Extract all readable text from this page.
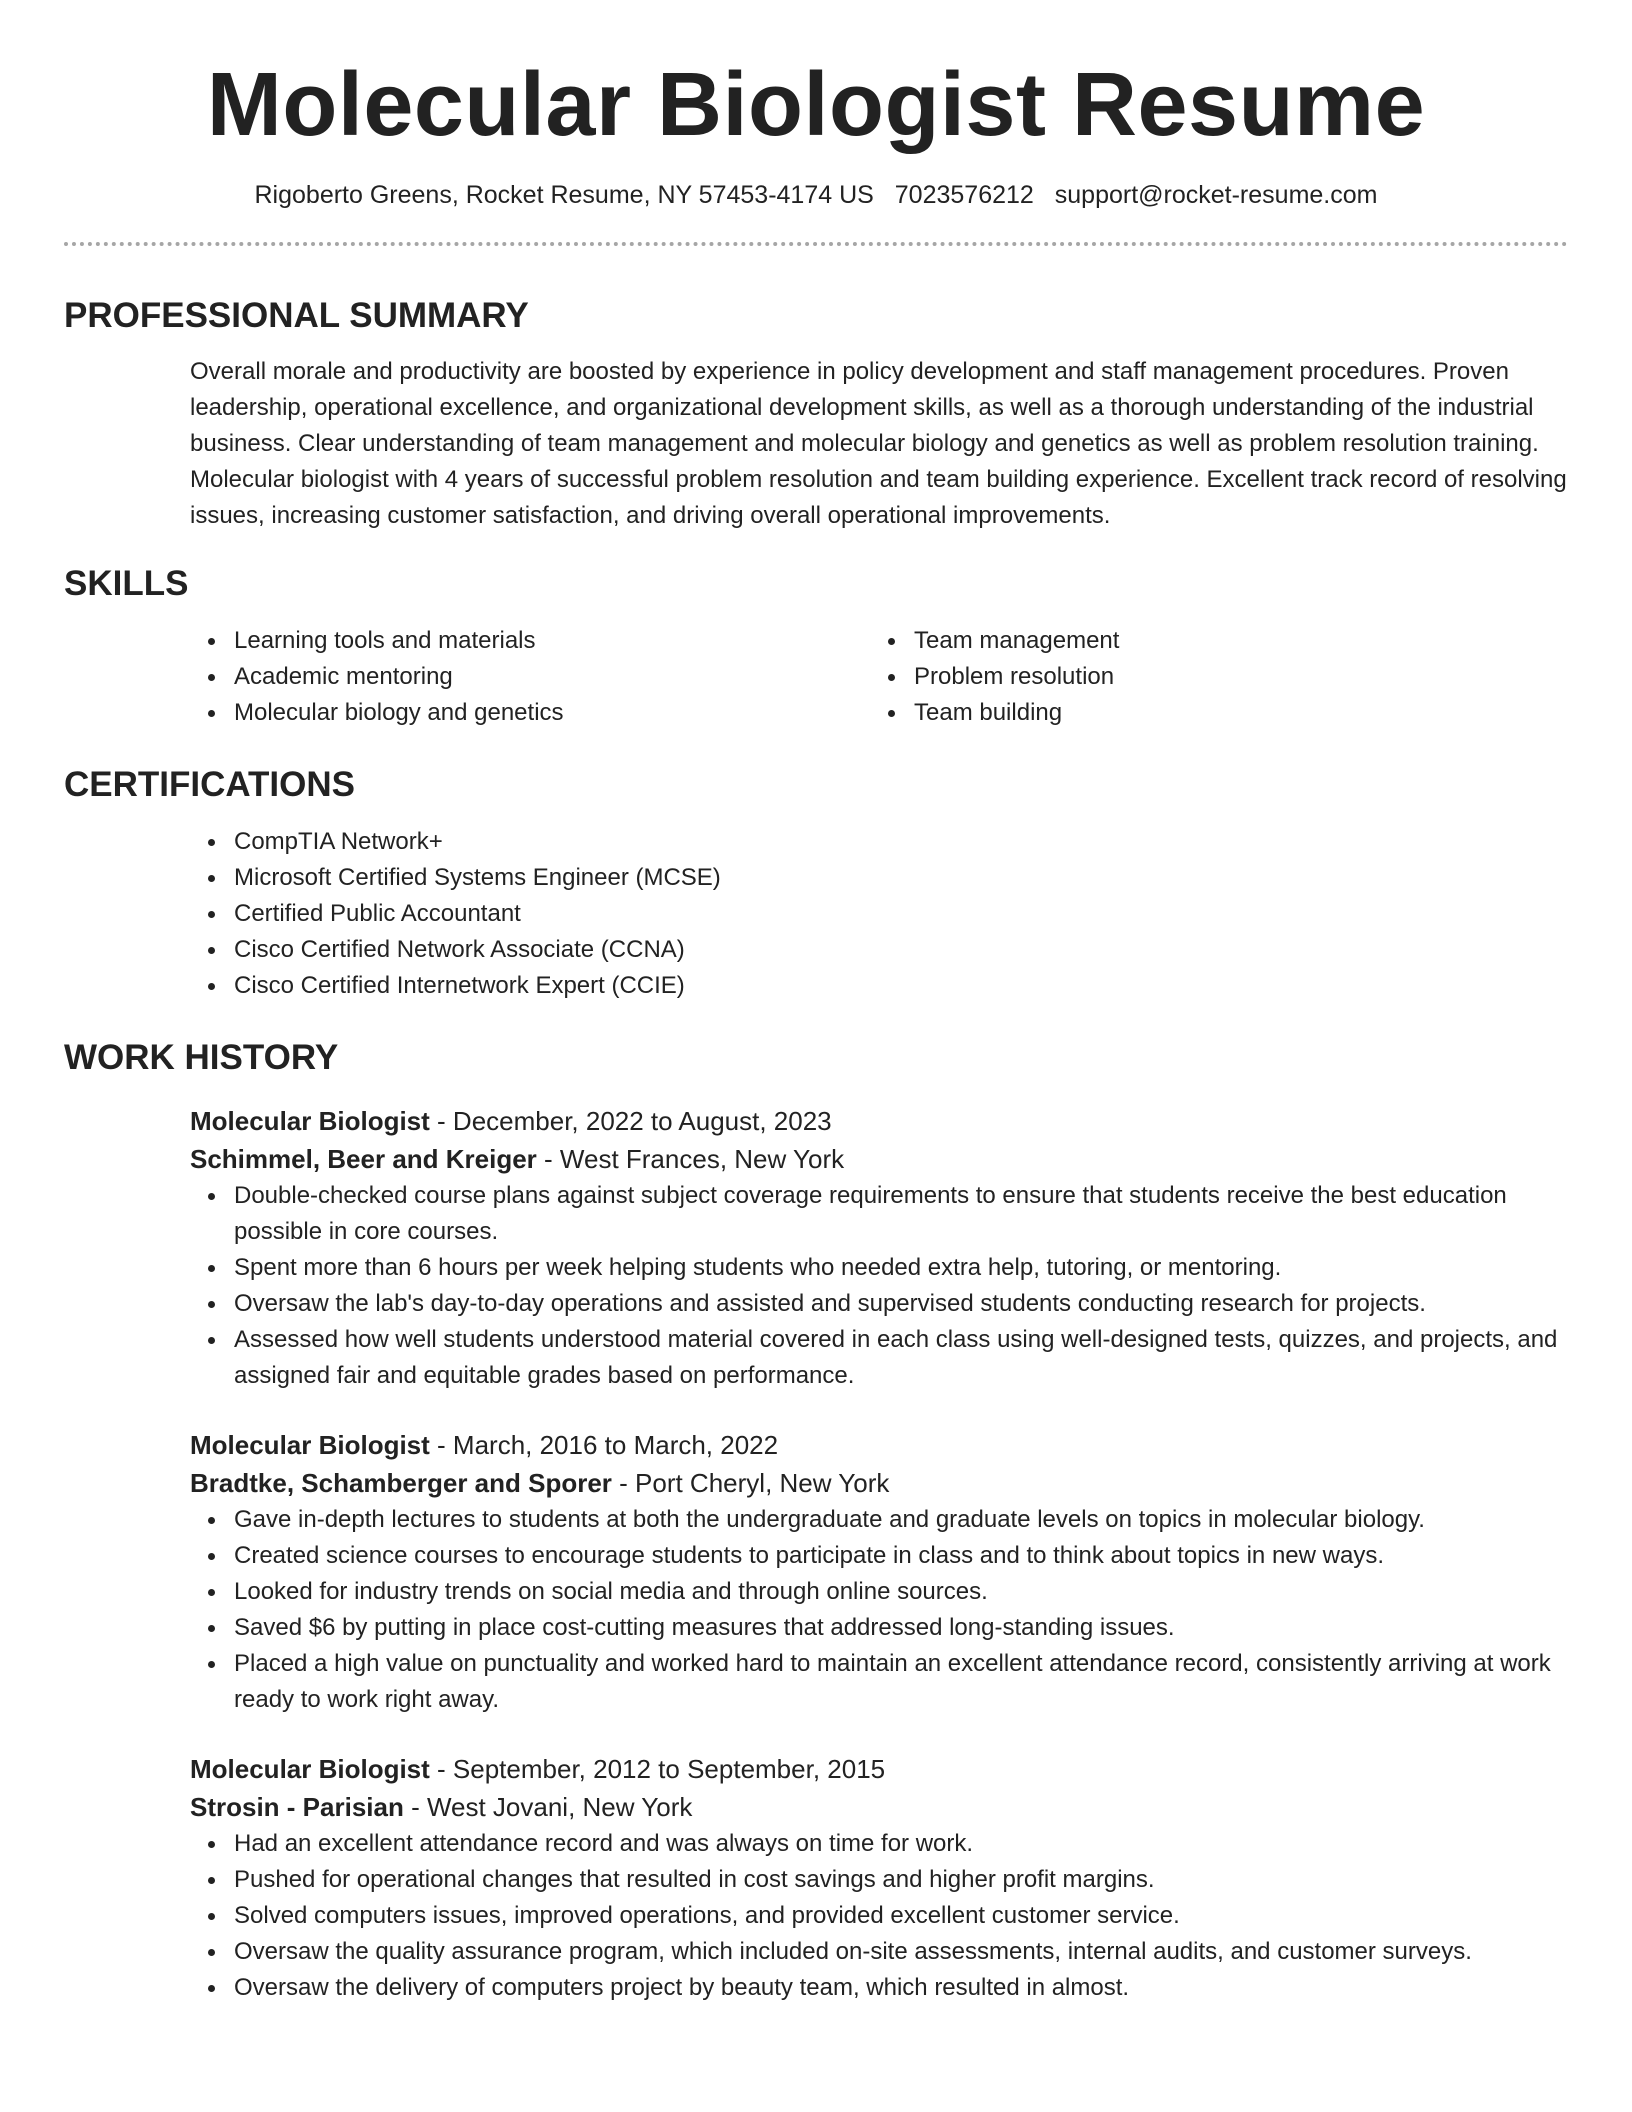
Molecular Biologist Resume
Rigoberto Greens, Rocket Resume, NY 57453-4174 US 7023576212 support@rocket-resume.com
PROFESSIONAL SUMMARY
Overall morale and productivity are boosted by experience in policy development and staff management procedures. Proven leadership, operational excellence, and organizational development skills, as well as a thorough understanding of the industrial business. Clear understanding of team management and molecular biology and genetics as well as problem resolution training. Molecular biologist with 4 years of successful problem resolution and team building experience. Excellent track record of resolving issues, increasing customer satisfaction, and driving overall operational improvements.
SKILLS
Learning tools and materials
Academic mentoring
Molecular biology and genetics
Team management
Problem resolution
Team building
CERTIFICATIONS
CompTIA Network+
Microsoft Certified Systems Engineer (MCSE)
Certified Public Accountant
Cisco Certified Network Associate (CCNA)
Cisco Certified Internetwork Expert (CCIE)
WORK HISTORY
Molecular Biologist - December, 2022 to August, 2023
Schimmel, Beer and Kreiger - West Frances, New York
Double-checked course plans against subject coverage requirements to ensure that students receive the best education possible in core courses.
Spent more than 6 hours per week helping students who needed extra help, tutoring, or mentoring.
Oversaw the lab's day-to-day operations and assisted and supervised students conducting research for projects.
Assessed how well students understood material covered in each class using well-designed tests, quizzes, and projects, and assigned fair and equitable grades based on performance.
Molecular Biologist - March, 2016 to March, 2022
Bradtke, Schamberger and Sporer - Port Cheryl, New York
Gave in-depth lectures to students at both the undergraduate and graduate levels on topics in molecular biology.
Created science courses to encourage students to participate in class and to think about topics in new ways.
Looked for industry trends on social media and through online sources.
Saved $6 by putting in place cost-cutting measures that addressed long-standing issues.
Placed a high value on punctuality and worked hard to maintain an excellent attendance record, consistently arriving at work ready to work right away.
Molecular Biologist - September, 2012 to September, 2015
Strosin - Parisian - West Jovani, New York
Had an excellent attendance record and was always on time for work.
Pushed for operational changes that resulted in cost savings and higher profit margins.
Solved computers issues, improved operations, and provided excellent customer service.
Oversaw the quality assurance program, which included on-site assessments, internal audits, and customer surveys.
Oversaw the delivery of computers project by beauty team, which resulted in almost.
